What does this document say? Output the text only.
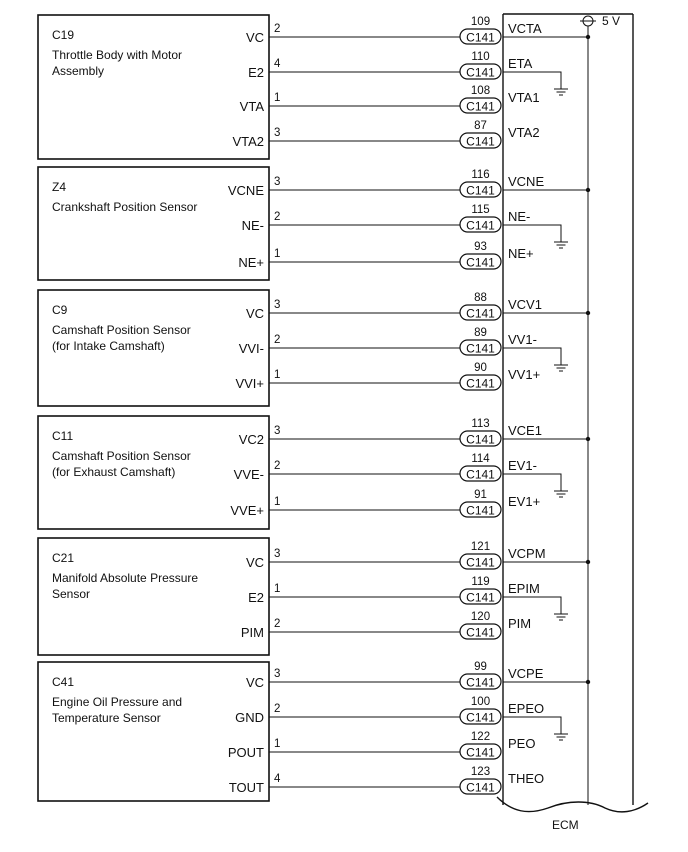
5 V
ECM
C19
Throttle Body with Motor
Assembly
VC
2
C141
109 VCTA
E2
4
C141
110 ETA
VTA
1
C141
108 VTA1
VTA2
3
C141
87 VTA2
Z4
Crankshaft Position Sensor
VCNE
3
C141
116 VCNE
NE-
2
C141
115 NE-
NE+
1
C141
93 NE+
C9
Camshaft Position Sensor
(for Intake Camshaft)
VC
3
C141
88 VCV1
VVI-
2
C141
89 VV1-
VVI+
1
C141
90 VV1+
C11
Camshaft Position Sensor
(for Exhaust Camshaft)
VC2
3
C141
113 VCE1
VVE-
2
C141
114 EV1-
VVE+
1
C141
91 EV1+
C21
Manifold Absolute Pressure
Sensor
VC
3
C141
121 VCPM
E2
1
C141
119 EPIM
PIM
2
C141
120 PIM
C41
Engine Oil Pressure and
Temperature Sensor
VC
3
C141
99 VCPE
GND
2
C141
100 EPEO
POUT
1
C141
122 PEO
TOUT
4
C141
123 THEO
